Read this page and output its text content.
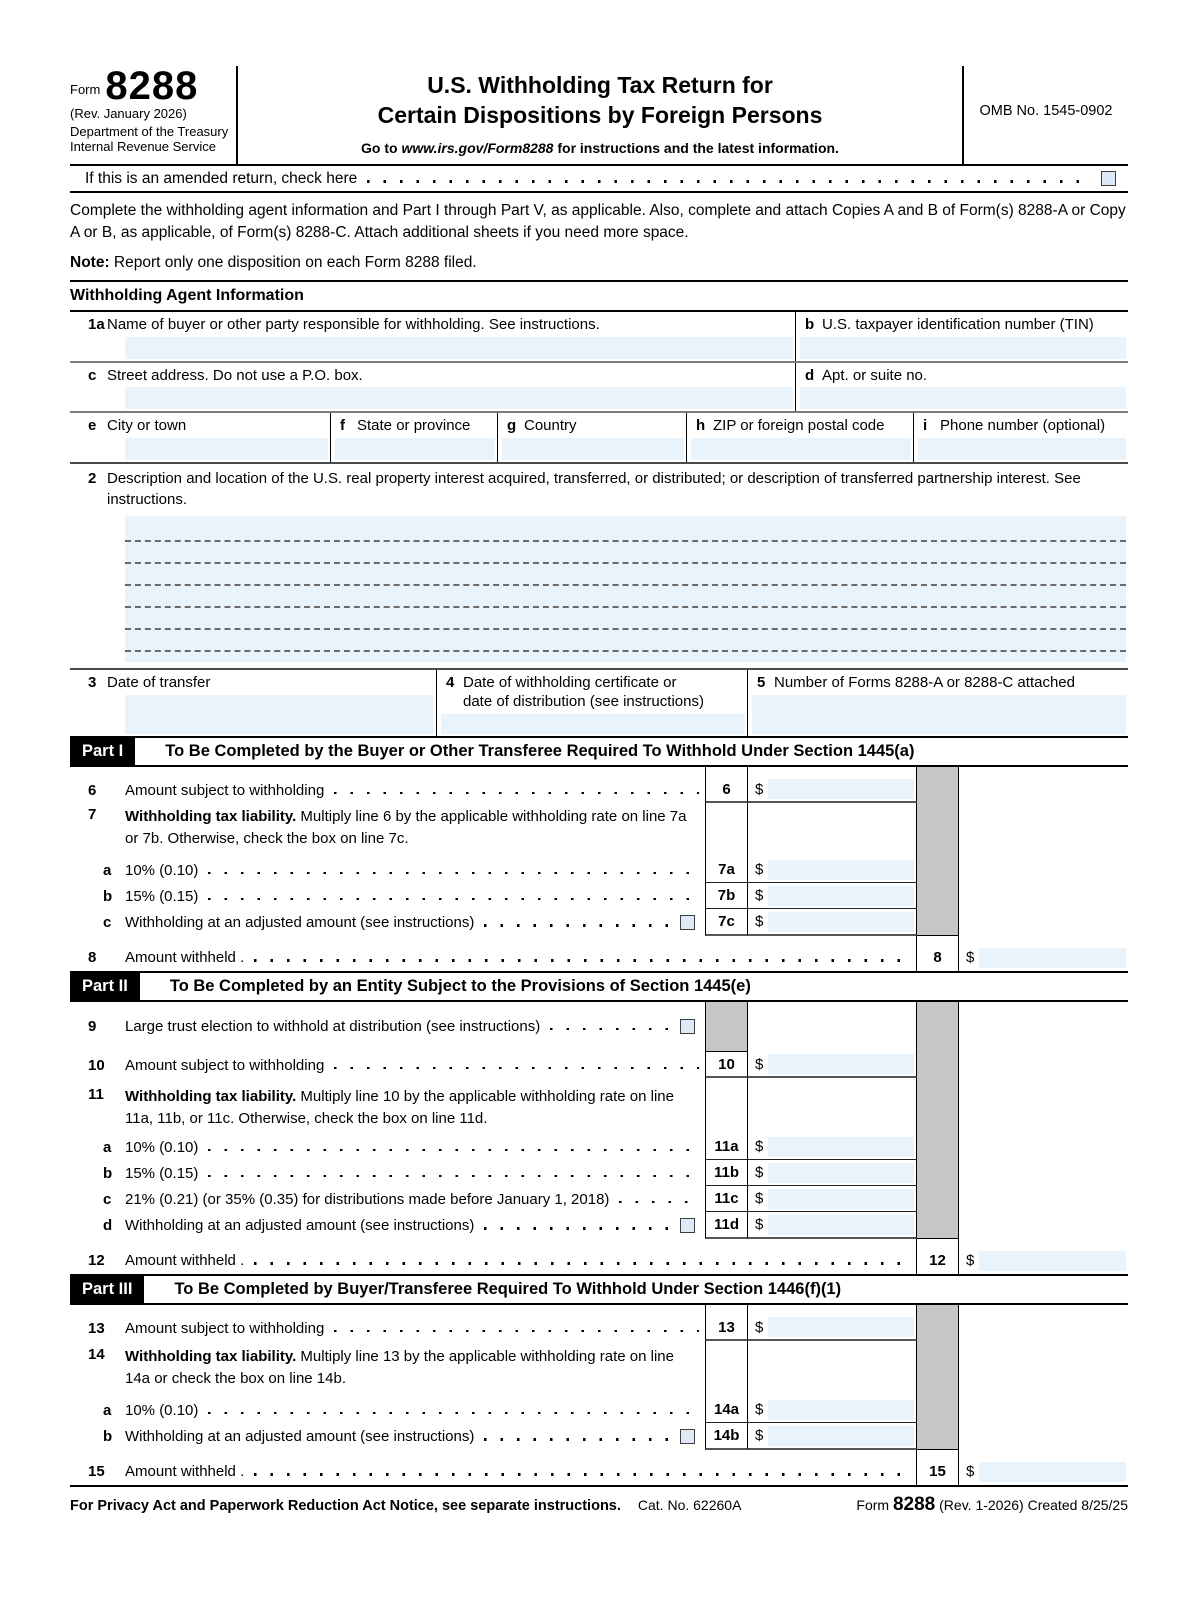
Form 8288
(Rev. January 2026)
Department of the Treasury
Internal Revenue Service
U.S. Withholding Tax Return for
Certain Dispositions by Foreign Persons
Go to www.irs.gov/Form8288 for instructions and the latest information.
OMB No. 1545-0902
If this is an amended return, check here
Complete the withholding agent information and Part I through Part V, as applicable. Also, complete and attach Copies A and B of Form(s) 8288-A or Copy A or B, as applicable, of Form(s) 8288-C. Attach additional sheets if you need more space.
Note: Report only one disposition on each Form 8288 filed.
Withholding Agent Information
1a Name of buyer or other party responsible for withholding. See instructions.	b U.S. taxpayer identification number (TIN)
c Street address. Do not use a P.O. box.	d Apt. or suite no.
e City or town	f State or province	g Country	h ZIP or foreign postal code	i Phone number (optional)
2 Description and location of the U.S. real property interest acquired, transferred, or distributed; or description of transferred partnership interest. See instructions.
3 Date of transfer	4 Date of withholding certificate or
date of distribution (see instructions)
5 Number of Forms 8288-A or 8288-C attached
Part I	To Be Completed by the Buyer or Other Transferee Required To Withhold Under Section 1445(a)
6	Amount subject to withholding	6	$
7	Withholding tax liability. Multiply line 6 by the applicable withholding rate on line 7a or 7b. Otherwise, check the box on line 7c.
a 10% (0.10)	7a	$
b 15% (0.15)	7b	$
c Withholding at an adjusted amount (see instructions)	7c	$
8	Amount withheld .	8	$
Part II	To Be Completed by an Entity Subject to the Provisions of Section 1445(e)
9	Large trust election to withhold at distribution (see instructions)
10	Amount subject to withholding	10	$
11	Withholding tax liability. Multiply line 10 by the applicable withholding rate on line 11a, 11b, or 11c. Otherwise, check the box on line 11d.
a 10% (0.10)	11a	$
b 15% (0.15)	11b	$
c 21% (0.21) (or 35% (0.35) for distributions made before January 1, 2018)	11c	$
d Withholding at an adjusted amount (see instructions)	11d	$
12	Amount withheld .	12	$
Part III	To Be Completed by Buyer/Transferee Required To Withhold Under Section 1446(f)(1)
13	Amount subject to withholding	13	$
14	Withholding tax liability. Multiply line 13 by the applicable withholding rate on line 14a or check the box on line 14b.
a 10% (0.10)	14a	$
b Withholding at an adjusted amount (see instructions)	14b	$
15	Amount withheld .	15	$
For Privacy Act and Paperwork Reduction Act Notice, see separate instructions.	Cat. No. 62260A	Form 8288 (Rev. 1-2026) Created 8/25/25
